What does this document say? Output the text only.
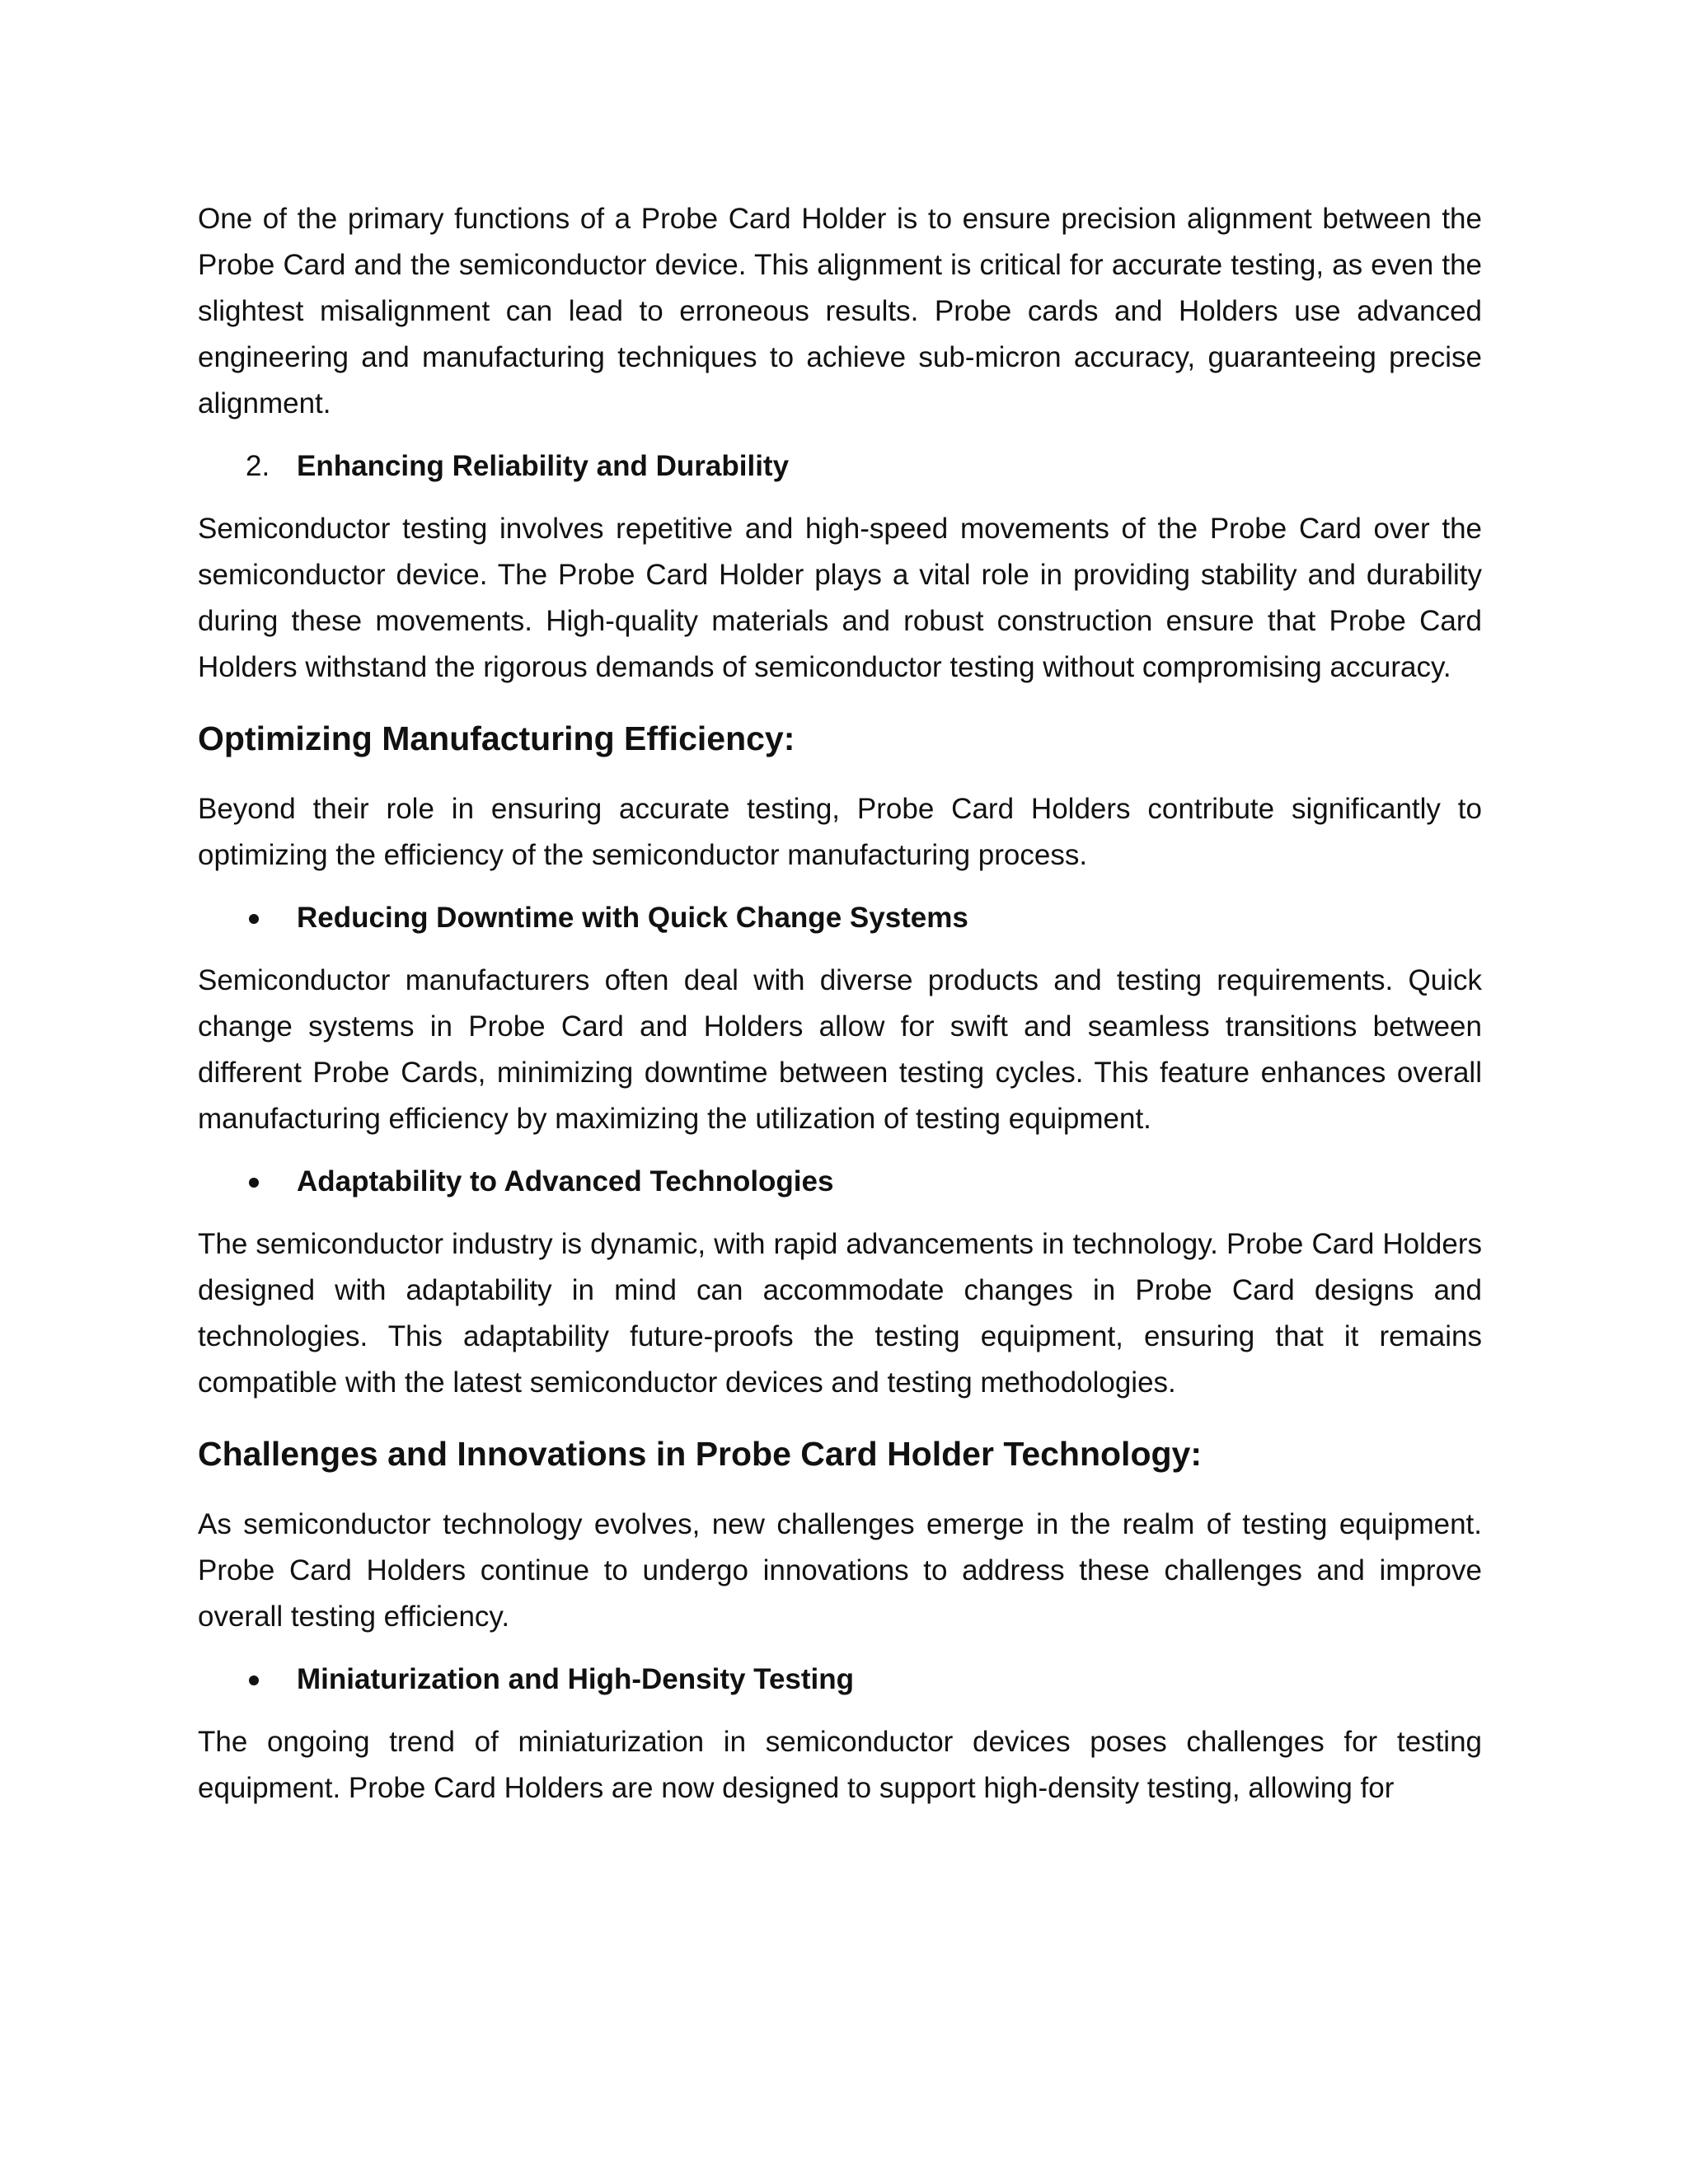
One of the primary functions of a Probe Card Holder is to ensure precision alignment between the Probe Card and the semiconductor device. This alignment is critical for accurate testing, as even the slightest misalignment can lead to erroneous results. Probe cards and Holders use advanced engineering and manufacturing techniques to achieve sub-micron accuracy, guaranteeing precise alignment.

2. Enhancing Reliability and Durability

Semiconductor testing involves repetitive and high-speed movements of the Probe Card over the semiconductor device. The Probe Card Holder plays a vital role in providing stability and durability during these movements. High-quality materials and robust construction ensure that Probe Card Holders withstand the rigorous demands of semiconductor testing without compromising accuracy.

Optimizing Manufacturing Efficiency:

Beyond their role in ensuring accurate testing, Probe Card Holders contribute significantly to optimizing the efficiency of the semiconductor manufacturing process.

Reducing Downtime with Quick Change Systems

Semiconductor manufacturers often deal with diverse products and testing requirements. Quick change systems in Probe Card and Holders allow for swift and seamless transitions between different Probe Cards, minimizing downtime between testing cycles. This feature enhances overall manufacturing efficiency by maximizing the utilization of testing equipment.

Adaptability to Advanced Technologies

The semiconductor industry is dynamic, with rapid advancements in technology. Probe Card Holders designed with adaptability in mind can accommodate changes in Probe Card designs and technologies. This adaptability future-proofs the testing equipment, ensuring that it remains compatible with the latest semiconductor devices and testing methodologies.

Challenges and Innovations in Probe Card Holder Technology:

As semiconductor technology evolves, new challenges emerge in the realm of testing equipment. Probe Card Holders continue to undergo innovations to address these challenges and improve overall testing efficiency.

Miniaturization and High-Density Testing

The ongoing trend of miniaturization in semiconductor devices poses challenges for testing equipment. Probe Card Holders are now designed to support high-density testing, allowing for
